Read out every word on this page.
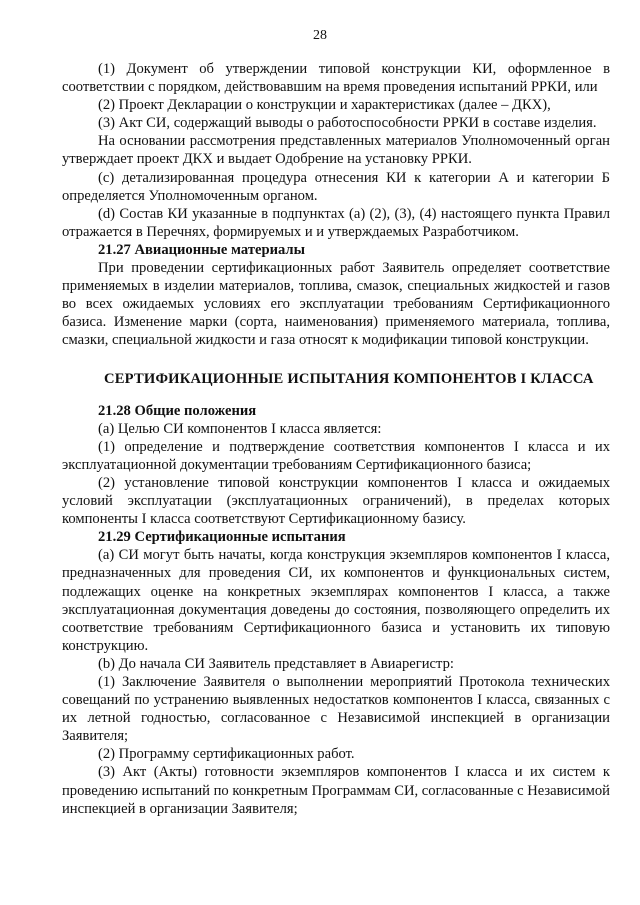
28

(1) Документ об утверждении типовой конструкции КИ, оформленное в соответствии с порядком, действовавшим на время проведения испытаний РРКИ, или

(2) Проект Декларации о конструкции и характеристиках (далее – ДКХ),

(3) Акт СИ, содержащий выводы о работоспособности РРКИ в составе изделия.

На основании рассмотрения представленных материалов Уполномоченный орган утверждает проект ДКХ и выдает Одобрение на установку РРКИ.

(c) детализированная процедура отнесения КИ к категории А и категории Б определяется Уполномоченным органом.

(d) Состав КИ указанные в подпунктах (a) (2), (3), (4) настоящего пункта Правил отражается в Перечнях, формируемых и и утверждаемых Разработчиком.

21.27 Авиационные материалы

При проведении сертификационных работ Заявитель определяет соответствие применяемых в изделии материалов, топлива, смазок, специальных жидкостей и газов во всех ожидаемых условиях его эксплуатации требованиям Сертификационного базиса. Изменение марки (сорта, наименования) применяемого материала, топлива, смазки, специальной жидкости и газа относят к модификации типовой конструкции.

СЕРТИФИКАЦИОННЫЕ ИСПЫТАНИЯ КОМПОНЕНТОВ I КЛАССА

21.28 Общие положения

(a) Целью СИ компонентов I класса является:

(1) определение и подтверждение соответствия компонентов I класса и их эксплуатационной документации требованиям Сертификационного базиса;

(2) установление типовой конструкции компонентов I класса и ожидаемых условий эксплуатации (эксплуатационных ограничений), в пределах которых компоненты I класса соответствуют Сертификационному базису.

21.29 Сертификационные испытания

(a) СИ могут быть начаты, когда конструкция экземпляров компонентов I класса, предназначенных для проведения СИ, их компонентов и функциональных систем, подлежащих оценке на конкретных экземплярах компонентов I класса, а также эксплуатационная документация доведены до состояния, позволяющего определить их соответствие требованиям Сертификационного базиса и установить их типовую конструкцию.

(b) До начала СИ Заявитель представляет в Авиарегистр:

(1) Заключение Заявителя о выполнении мероприятий Протокола технических совещаний по устранению выявленных недостатков компонентов I класса, связанных с их летной годностью, согласованное с Независимой инспекцией в организации Заявителя;

(2) Программу сертификационных работ.

(3) Акт (Акты) готовности экземпляров компонентов I класса и их систем к проведению испытаний по конкретным Программам СИ, согласованные с Независимой инспекцией в организации Заявителя;
